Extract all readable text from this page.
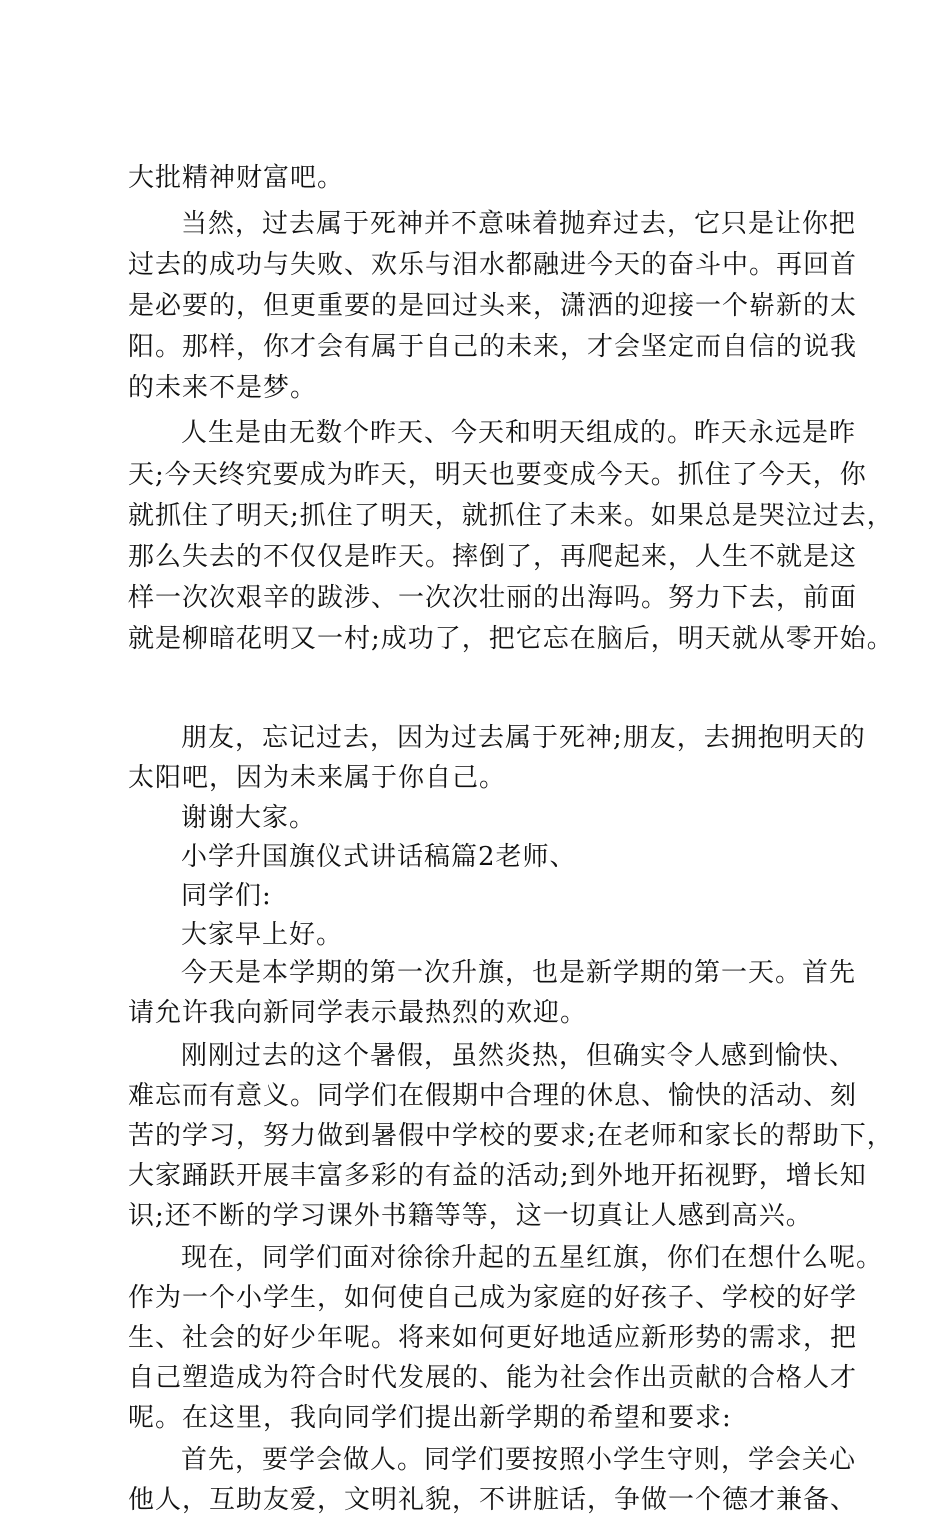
大批精神财富吧。
当然，过去属于死神并不意味着抛弃过去，它只是让你把
过去的成功与失败、欢乐与泪水都融进今天的奋斗中。再回首
是必要的，但更重要的是回过头来，潇洒的迎接一个崭新的太
阳。那样，你才会有属于自己的未来，才会坚定而自信的说我
的未来不是梦。
人生是由无数个昨天、今天和明天组成的。昨天永远是昨
天;今天终究要成为昨天，明天也要变成今天。抓住了今天，你
就抓住了明天;抓住了明天，就抓住了未来。如果总是哭泣过去，
那么失去的不仅仅是昨天。摔倒了，再爬起来，人生不就是这
样一次次艰辛的跋涉、一次次壮丽的出海吗。努力下去，前面
就是柳暗花明又一村;成功了，把它忘在脑后，明天就从零开始。
朋友，忘记过去，因为过去属于死神;朋友，去拥抱明天的
太阳吧，因为未来属于你自己。
谢谢大家。
小学升国旗仪式讲话稿篇2老师、
同学们:
大家早上好。
今天是本学期的第一次升旗，也是新学期的第一天。首先
请允许我向新同学表示最热烈的欢迎。
刚刚过去的这个暑假，虽然炎热，但确实令人感到愉快、
难忘而有意义。同学们在假期中合理的休息、愉快的活动、刻
苦的学习，努力做到暑假中学校的要求;在老师和家长的帮助下，
大家踊跃开展丰富多彩的有益的活动;到外地开拓视野，增长知
识;还不断的学习课外书籍等等，这一切真让人感到高兴。
现在，同学们面对徐徐升起的五星红旗，你们在想什么呢。
作为一个小学生，如何使自己成为家庭的好孩子、学校的好学
生、社会的好少年呢。将来如何更好地适应新形势的需求，把
自己塑造成为符合时代发展的、能为社会作出贡献的合格人才
呢。在这里，我向同学们提出新学期的希望和要求:
首先，要学会做人。同学们要按照小学生守则，学会关心
他人，互助友爱，文明礼貌，不讲脏话，争做一个德才兼备、
